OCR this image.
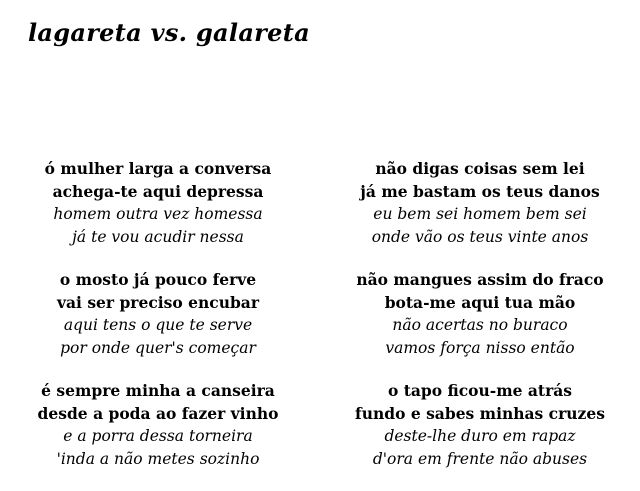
lagareta vs. galareta
ó mulher larga a conversa
achega-te aqui depressa
homem outra vez homessa
já te vou acudir nessa
o mosto já pouco ferve
vai ser preciso encubar
aqui tens o que te serve
por onde quer's começar
é sempre minha a canseira
desde a poda ao fazer vinho
e a porra dessa torneira
'inda a não metes sozinho
não digas coisas sem lei
já me bastam os teus danos
eu bem sei homem bem sei
onde vão os teus vinte anos
não mangues assim do fraco
bota-me aqui tua mão
não acertas no buraco
vamos força nisso então
o tapo ficou-me atrás
fundo e sabes minhas cruzes
deste-lhe duro em rapaz
d'ora em frente não abuses
